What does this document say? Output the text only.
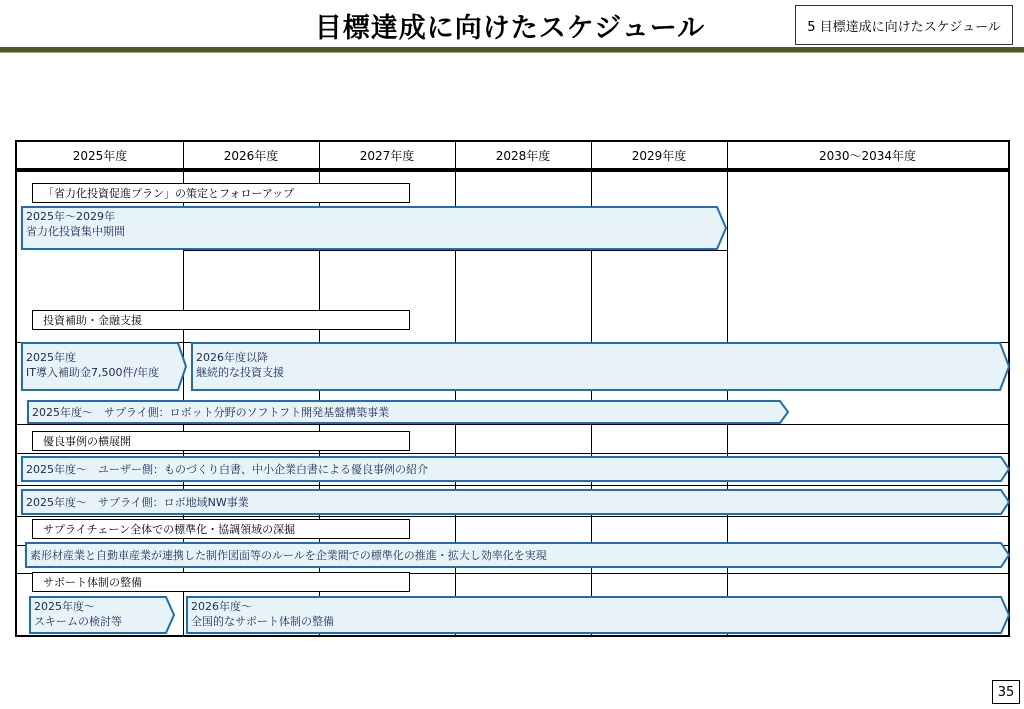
目標達成に向けたスケジュール	5 目標達成に向けたスケジュール
2025年度	2026年度	2027年度	2028年度	2029年度	2030～2034年度
「省力化投資促進プラン」の策定とフォローアップ
投資補助・金融支援
優良事例の横展開
サプライチェーン全体での標準化・協調領域の深掘
サポート体制の整備
2025年～2029年
省力化投資集中期間
2025年度
IT導入補助金7,500件/年度
2026年度以降
継続的な投資支援
2025年度～　サプライ側：ロボット分野のソフトフト開発基盤構築事業
2025年度～　ユーザー側：ものづくり白書、中小企業白書による優良事例の紹介
2025年度～　サプライ側：ロボ地域NW事業
素形材産業と自動車産業が連携した制作図面等のルールを企業間での標準化の推進・拡大し効率化を実現
2025年度～
スキームの検討等
2026年度～
全国的なサポート体制の整備
35
